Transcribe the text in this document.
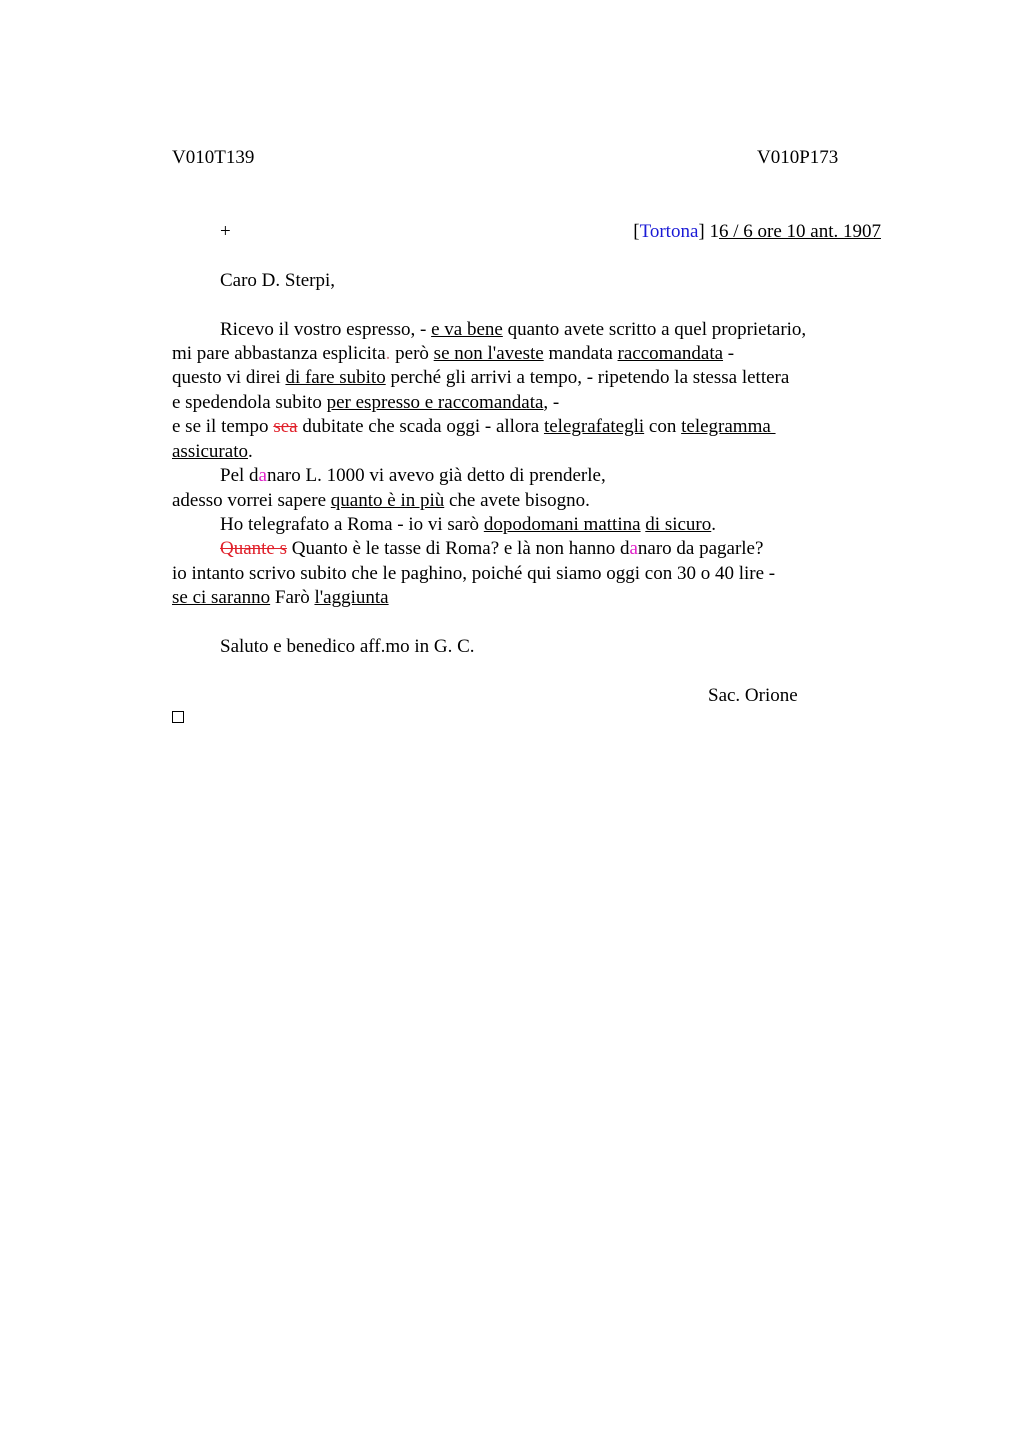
V010T139	V010P173
+	[Tortona] 16 / 6 ore 10 ant. 1907
Caro D. Sterpi,
Ricevo il vostro espresso, - e va bene quanto avete scritto a quel proprietario,
mi pare abbastanza esplicita. però se non l'aveste mandata raccomandata -
questo vi direi di fare subito perché gli arrivi a tempo, - ripetendo la stessa lettera
e spedendola subito per espresso e raccomandata, -
e se il tempo sea dubitate che scada oggi - allora telegrafategli con telegramma
assicurato.
Pel danaro L. 1000 vi avevo già detto di prenderle,
adesso vorrei sapere quanto è in più che avete bisogno.
Ho telegrafato a Roma - io vi sarò dopodomani mattina di sicuro.
Quante s Quanto è le tasse di Roma? e là non hanno danaro da pagarle?
io intanto scrivo subito che le paghino, poiché qui siamo oggi con 30 o 40 lire -
se ci saranno Farò l'aggiunta
Saluto e benedico aff.mo in G. C.
Sac. Orione
